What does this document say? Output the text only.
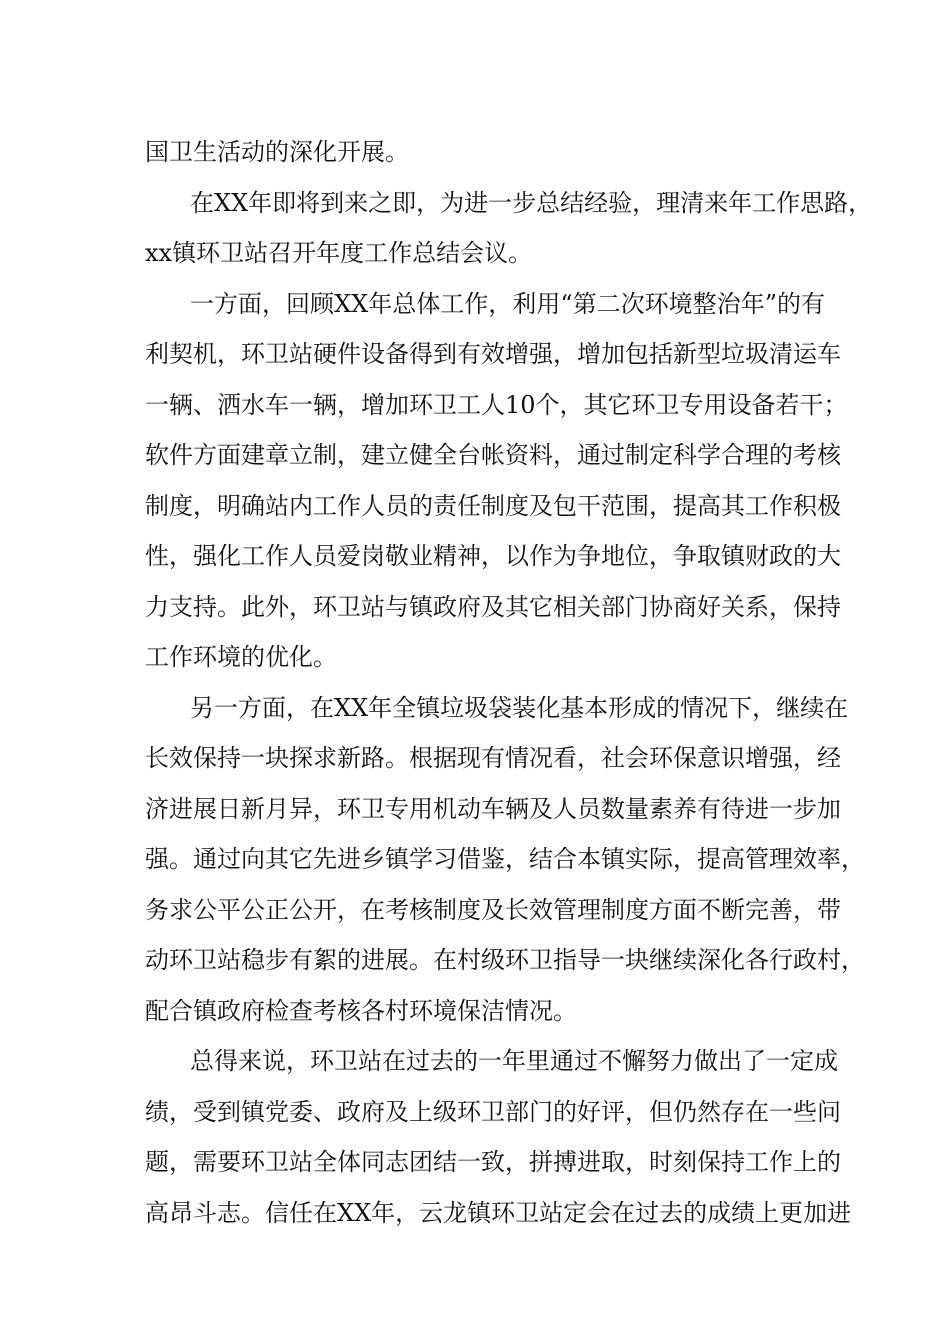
国卫生活动的深化开展。
在XX年即将到来之即，为进一步总结经验，理清来年工作思路，
xx镇环卫站召开年度工作总结会议。
一方面，回顾XX年总体工作，利用“第二次环境整治年”的有
利契机，环卫站硬件设备得到有效增强，增加包括新型垃圾清运车
一辆、洒水车一辆，增加环卫工人10个，其它环卫专用设备若干；
软件方面建章立制，建立健全台帐资料，通过制定科学合理的考核
制度，明确站内工作人员的责任制度及包干范围，提高其工作积极
性，强化工作人员爱岗敬业精神，以作为争地位，争取镇财政的大
力支持。此外，环卫站与镇政府及其它相关部门协商好关系，保持
工作环境的优化。
另一方面，在XX年全镇垃圾袋装化基本形成的情况下，继续在
长效保持一块探求新路。根据现有情况看，社会环保意识增强，经
济进展日新月异，环卫专用机动车辆及人员数量素养有待进一步加
强。通过向其它先进乡镇学习借鉴，结合本镇实际，提高管理效率，
务求公平公正公开，在考核制度及长效管理制度方面不断完善，带
动环卫站稳步有絮的进展。在村级环卫指导一块继续深化各行政村，
配合镇政府检查考核各村环境保洁情况。
总得来说，环卫站在过去的一年里通过不懈努力做出了一定成
绩，受到镇党委、政府及上级环卫部门的好评，但仍然存在一些问
题，需要环卫站全体同志团结一致，拼搏进取，时刻保持工作上的
高昂斗志。信任在XX年，云龙镇环卫站定会在过去的成绩上更加进
